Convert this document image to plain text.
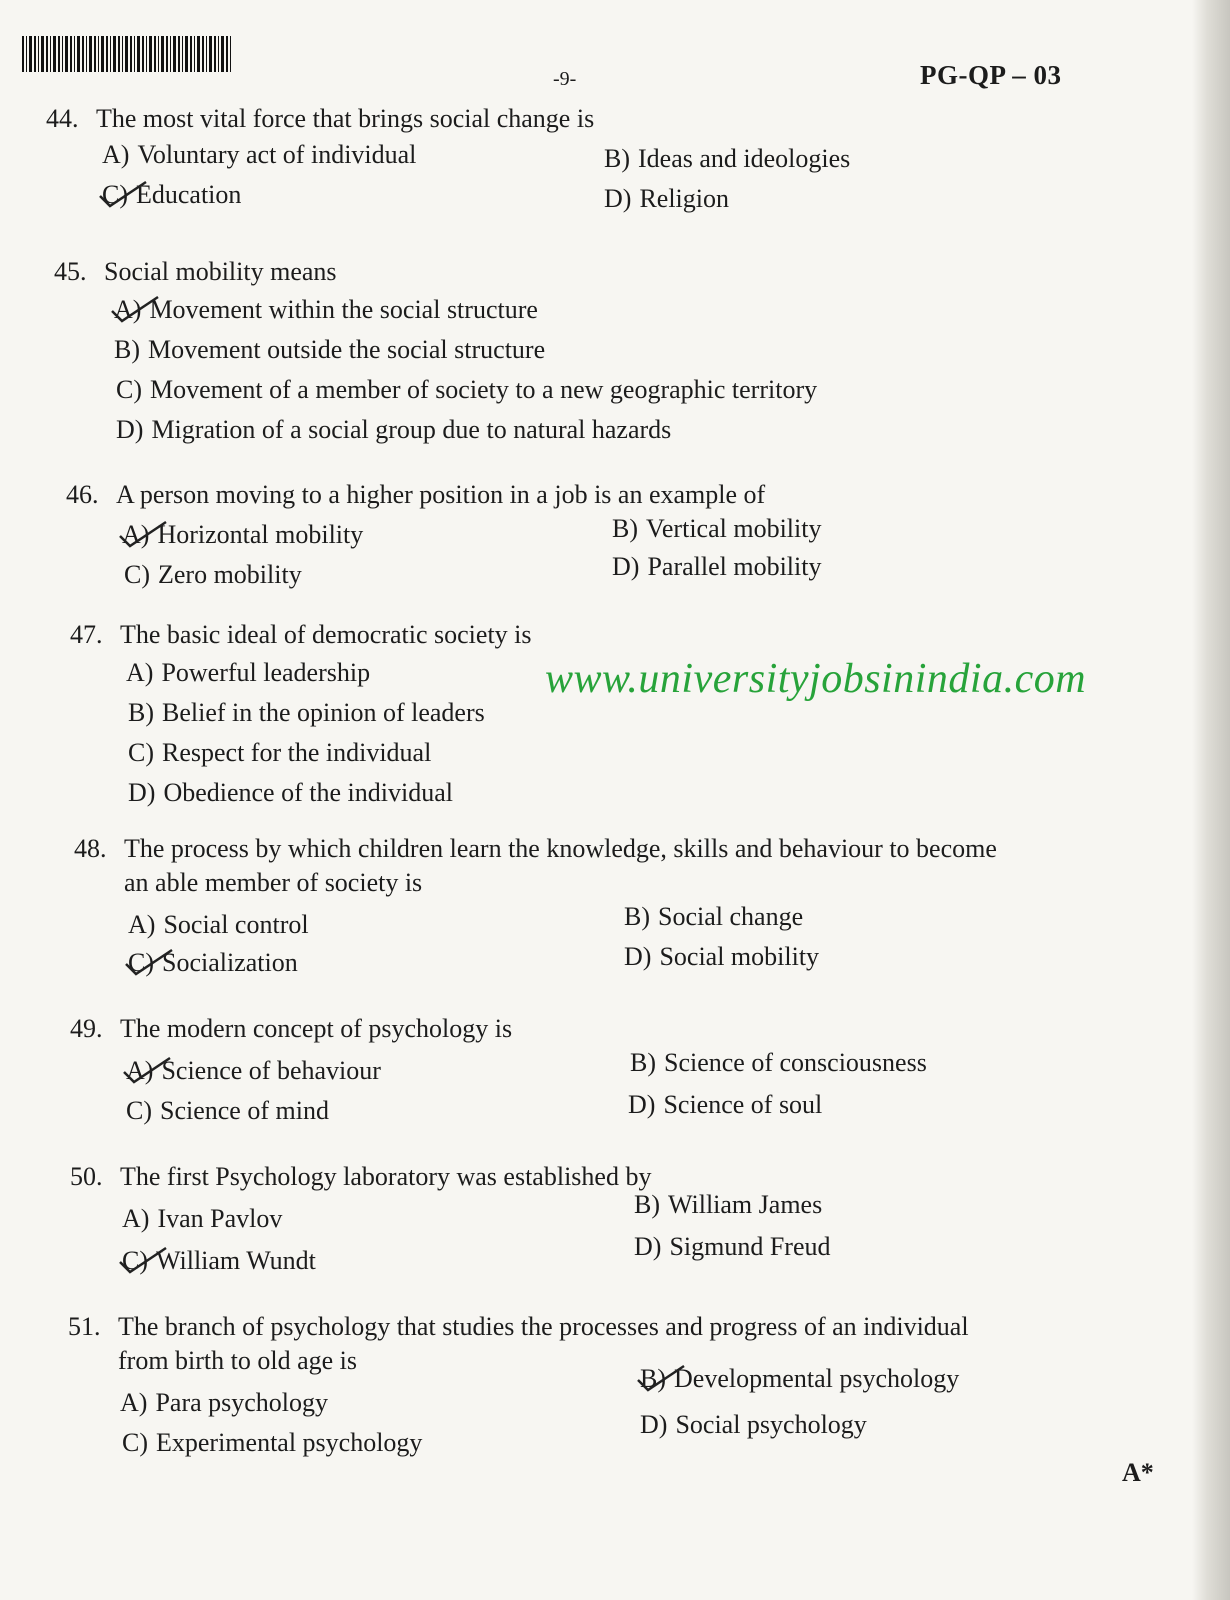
-9-	PG-QP – 03
44. The most vital force that brings social change is
A) Voluntary act of individual	B) Ideas and ideologies
C) Education	D) Religion
45. Social mobility means
A) Movement within the social structure
B) Movement outside the social structure
C) Movement of a member of society to a new geographic territory
D) Migration of a social group due to natural hazards
46. A person moving to a higher position in a job is an example of
A) Horizontal mobility	B) Vertical mobility
C) Zero mobility	D) Parallel mobility
47. The basic ideal of democratic society is
A) Powerful leadership
B) Belief in the opinion of leaders
C) Respect for the individual
D) Obedience of the individual
www.universityjobsinindia.com
48. The process by which children learn the knowledge, skills and behaviour to become
an able member of society is
A) Social control	B) Social change
C) Socialization	D) Social mobility
49. The modern concept of psychology is
A) Science of behaviour	B) Science of consciousness
C) Science of mind	D) Science of soul
50. The first Psychology laboratory was established by
A) Ivan Pavlov	B) William James
C) William Wundt	D) Sigmund Freud
51. The branch of psychology that studies the processes and progress of an individual
from birth to old age is
A) Para psychology
B) Developmental psychology
C) Experimental psychology
D) Social psychology
A*
